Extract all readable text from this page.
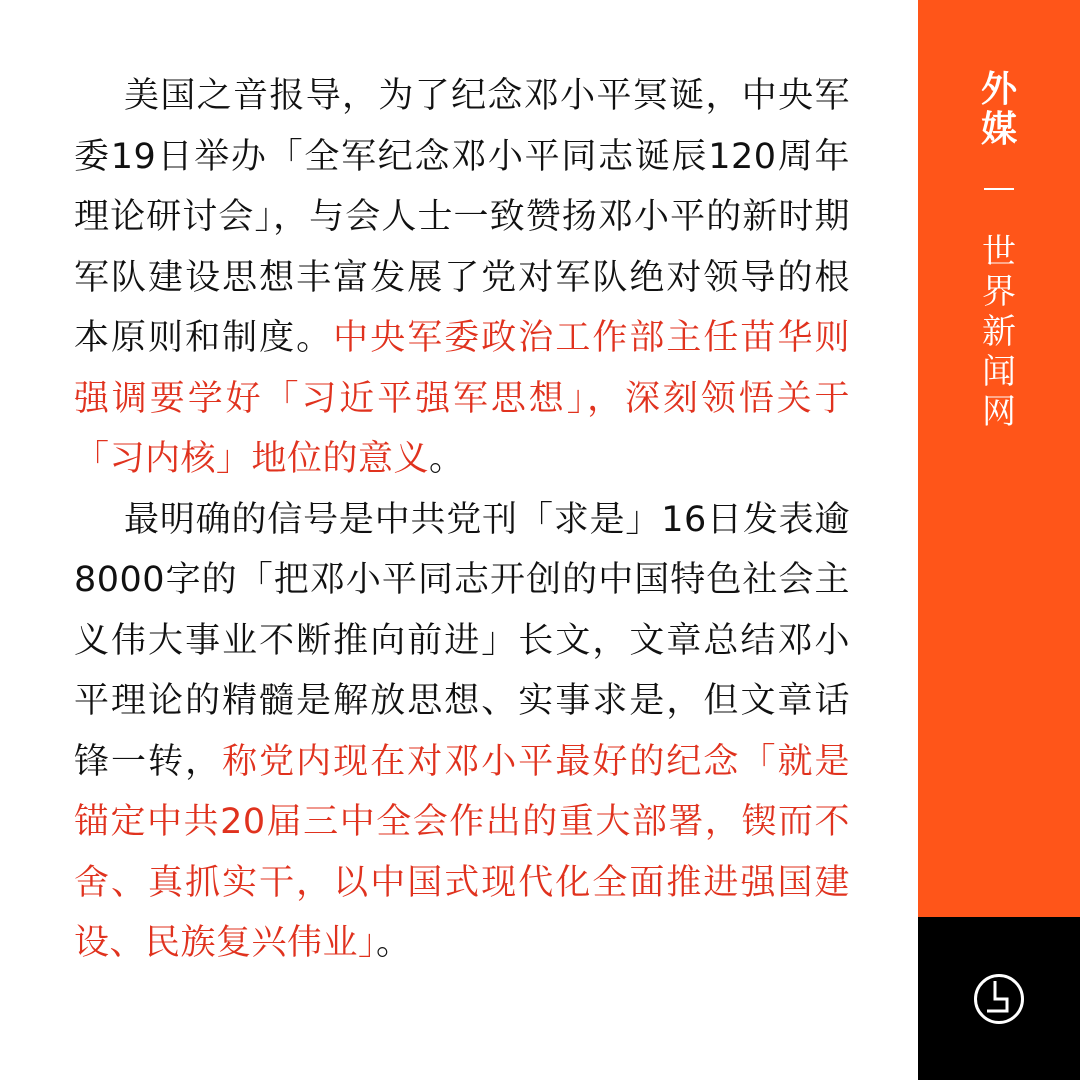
美国之音报导，为了纪念邓小平冥诞，中央军委19日举办「全军纪念邓小平同志诞辰120周年理论研讨会」，与会人士一致赞扬邓小平的新时期军队建设思想丰富发展了党对军队绝对领导的根本原则和制度。中央军委政治工作部主任苗华则强调要学好「习近平强军思想」，深刻领悟关于「习内核」地位的意义。

最明确的信号是中共党刊「求是」16日发表逾8000字的「把邓小平同志开创的中国特色社会主义伟大事业不断推向前进」长文，文章总结邓小平理论的精髓是解放思想、实事求是，但文章话锋一转，称党内现在对邓小平最好的纪念「就是锚定中共20届三中全会作出的重大部署，锲而不舍、真抓实干，以中国式现代化全面推进强国建设、民族复兴伟业」。

外
媒
世
界
新
闻
网
